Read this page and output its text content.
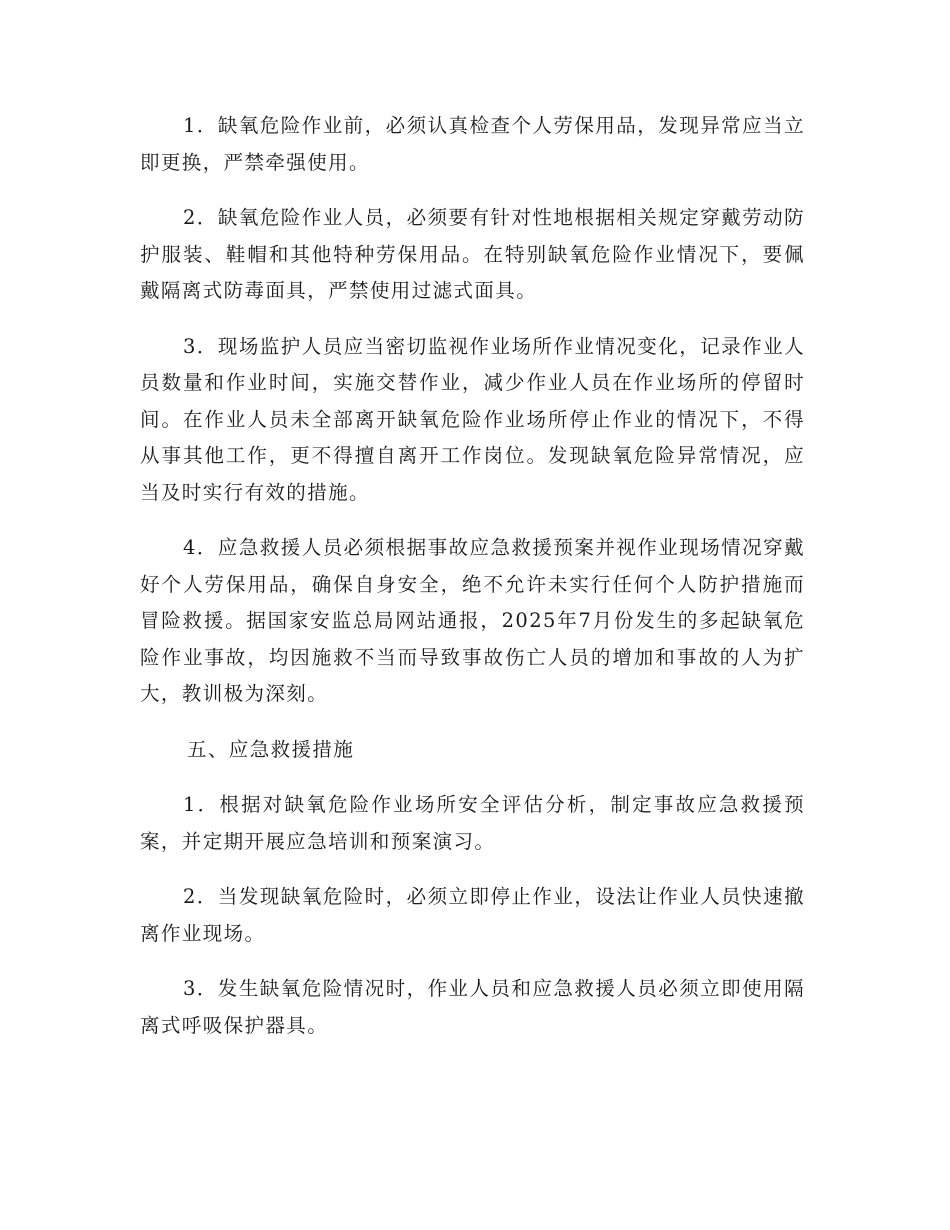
1．缺氧危险作业前，必须认真检查个人劳保用品，发现异常应当立即更换，严禁牵强使用。

2．缺氧危险作业人员，必须要有针对性地根据相关规定穿戴劳动防护服装、鞋帽和其他特种劳保用品。在特别缺氧危险作业情况下，要佩戴隔离式防毒面具，严禁使用过滤式面具。

3．现场监护人员应当密切监视作业场所作业情况变化，记录作业人员数量和作业时间，实施交替作业，减少作业人员在作业场所的停留时间。在作业人员未全部离开缺氧危险作业场所停止作业的情况下，不得从事其他工作，更不得擅自离开工作岗位。发现缺氧危险异常情况，应当及时实行有效的措施。

4．应急救援人员必须根据事故应急救援预案并视作业现场情况穿戴好个人劳保用品，确保自身安全，绝不允许未实行任何个人防护措施而冒险救援。据国家安监总局网站通报，2025年7月份发生的多起缺氧危险作业事故，均因施救不当而导致事故伤亡人员的增加和事故的人为扩大，教训极为深刻。

五、应急救援措施

1．根据对缺氧危险作业场所安全评估分析，制定事故应急救援预案，并定期开展应急培训和预案演习。

2．当发现缺氧危险时，必须立即停止作业，设法让作业人员快速撤离作业现场。

3．发生缺氧危险情况时，作业人员和应急救援人员必须立即使用隔离式呼吸保护器具。
